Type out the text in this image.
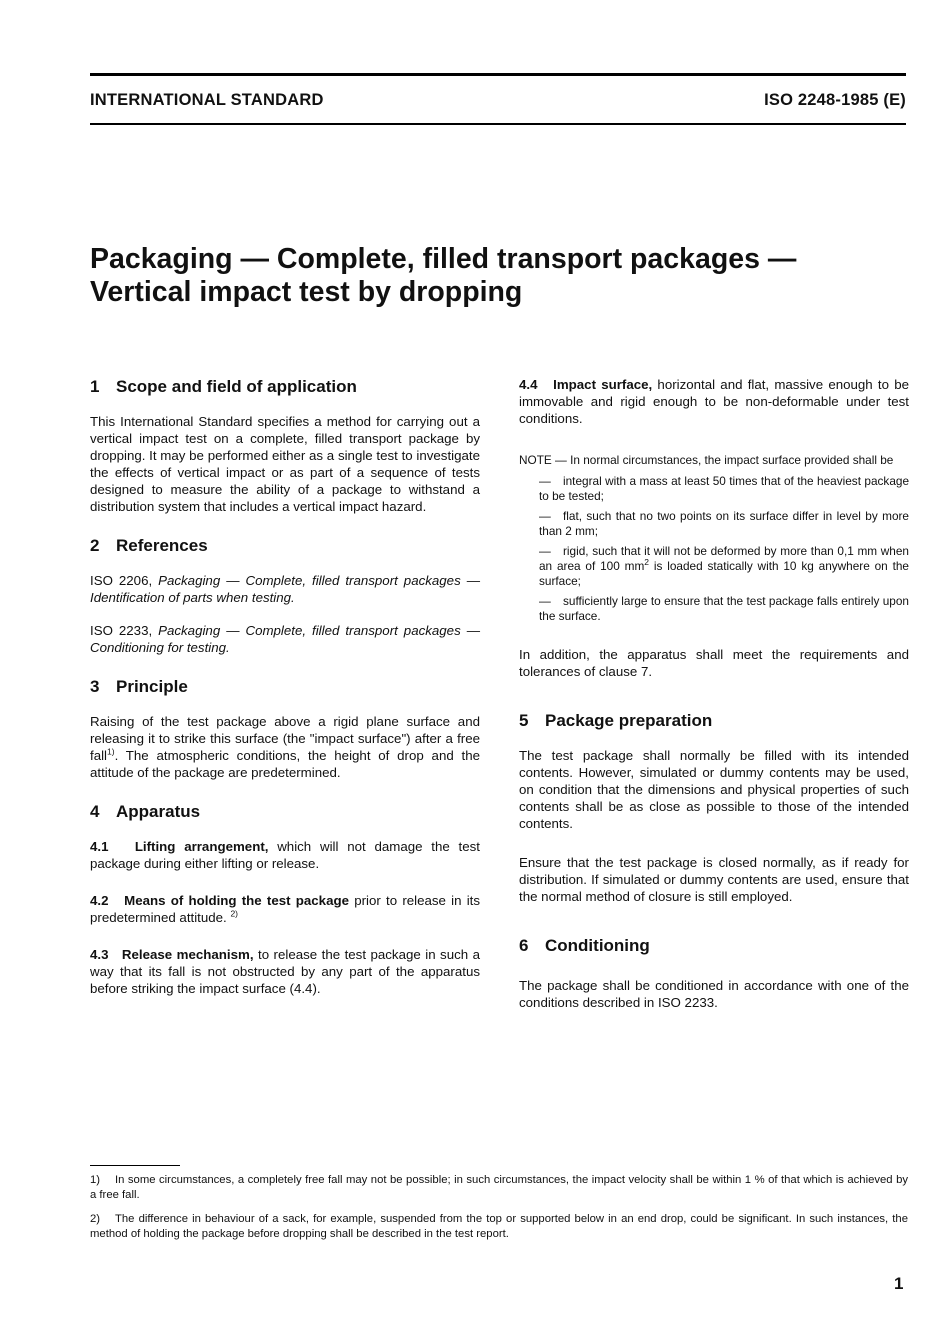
INTERNATIONAL STANDARD	ISO 2248-1985 (E)
Packaging — Complete, filled transport packages —
Vertical impact test by dropping
1 Scope and field of application

This International Standard specifies a method for carrying out a vertical impact test on a complete, filled transport package by dropping. It may be performed either as a single test to investigate the effects of vertical impact or as part of a sequence of tests designed to measure the ability of a package to withstand a distribution system that includes a vertical impact hazard.

2 References

ISO 2206, Packaging — Complete, filled transport packages — Identification of parts when testing.

ISO 2233, Packaging — Complete, filled transport packages — Conditioning for testing.

3 Principle

Raising of the test package above a rigid plane surface and releasing it to strike this surface (the "impact surface") after a free fall$^{1)}$. The atmospheric conditions, the height of drop and the attitude of the package are predetermined.

4 Apparatus

4.1 Lifting arrangement, which will not damage the test package during either lifting or release.

4.2 Means of holding the test package prior to release in its predetermined attitude. $^{2)}$

4.3 Release mechanism, to release the test package in such a way that its fall is not obstructed by any part of the apparatus before striking the impact surface (4.4).

4.4 Impact surface, horizontal and flat, massive enough to be immovable and rigid enough to be non-deformable under test conditions.

NOTE — In normal circumstances, the impact surface provided shall be

— integral with a mass at least 50 times that of the heaviest package to be tested;
— flat, such that no two points on its surface differ in level by more than 2 mm;
— rigid, such that it will not be deformed by more than 0,1 mm when an area of 100 $mm^2$ is loaded statically with 10 kg anywhere on the surface;
— sufficiently large to ensure that the test package falls entirely upon the surface.

In addition, the apparatus shall meet the requirements and tolerances of clause 7.

5 Package preparation

The test package shall normally be filled with its intended contents. However, simulated or dummy contents may be used, on condition that the dimensions and physical properties of such contents shall be as close as possible to those of the intended contents.

Ensure that the test package is closed normally, as if ready for distribution. If simulated or dummy contents are used, ensure that the normal method of closure is still employed.

6 Conditioning

The package shall be conditioned in accordance with one of the conditions described in ISO 2233.

1) In some circumstances, a completely free fall may not be possible; in such circumstances, the impact velocity shall be within 1 % of that which is achieved by a free fall.

2) The difference in behaviour of a sack, for example, suspended from the top or supported below in an end drop, could be significant. In such instances, the method of holding the package before dropping shall be described in the test report.

1
